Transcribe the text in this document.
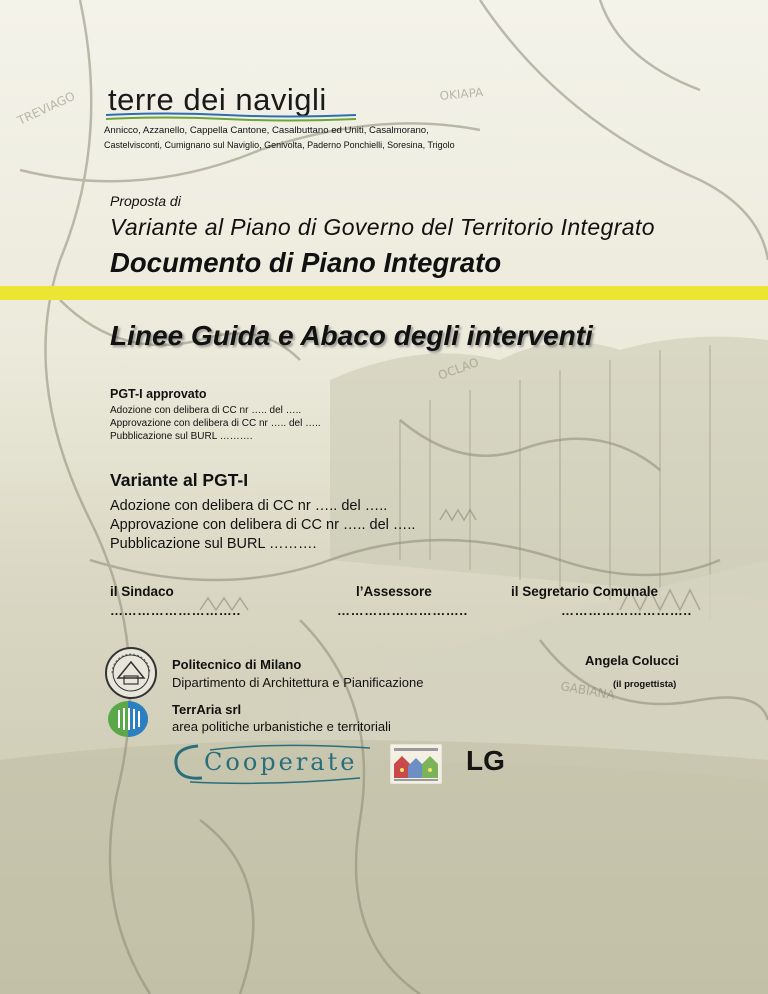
TREVIAGO	OKIAPA
GABIANA
OCLAO
terre dei navigli
Annicco, Azzanello, Cappella Cantone, Casalbuttano ed Uniti, Casalmorano,
Castelvisconti, Cumignano sul Naviglio, Genivolta, Paderno Ponchielli, Soresina, Trigolo
Proposta di
Variante al Piano di Governo del Territorio Integrato
Documento di Piano Integrato
Linee Guida e Abaco degli interventi
PGT-I approvato
Adozione con delibera di CC nr ….. del …..
Approvazione con delibera di CC nr ….. del …..
Pubblicazione sul BURL ……….
Variante al PGT-I
Adozione con delibera di CC nr ….. del …..
Approvazione con delibera di CC nr ….. del …..
Pubblicazione sul BURL ……….
il Sindaco
………………………..
l’Assessore
………………………..
il Segretario Comunale
………………………..
Politecnico di Milano
Dipartimento di Architettura e Pianificazione
Angela Colucci
(il progettista)
TerrAria srl
area politiche urbanistiche e territoriali
Cooperate	LG
